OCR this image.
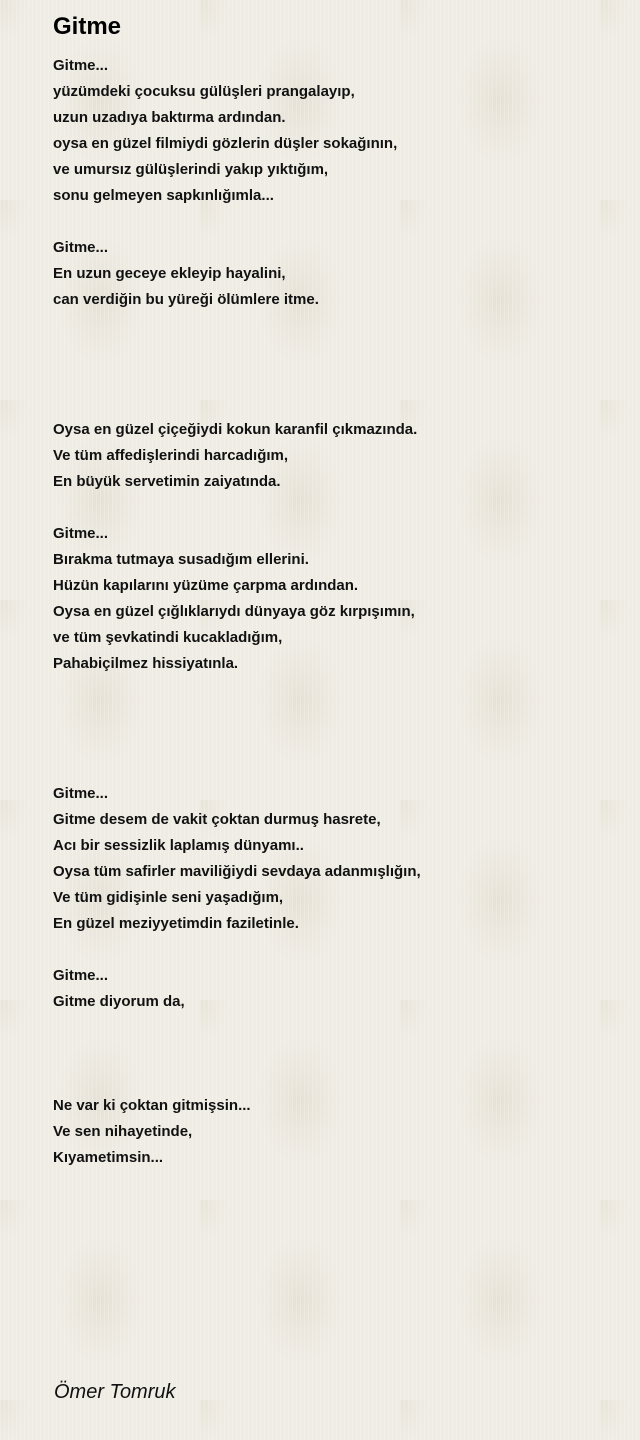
Gitme
Gitme...
yüzümdeki çocuksu gülüşleri prangalayıp,
uzun uzadıya baktırma ardından.
oysa en güzel filmiydi gözlerin düşler sokağının,
ve umursız gülüşlerindi yakıp yıktığım,
sonu gelmeyen sapkınlığımla...
Gitme...
En uzun geceye ekleyip hayalini,
can verdiğin bu yüreği ölümlere itme.
Oysa en güzel çiçeğiydi kokun karanfil çıkmazında.
Ve tüm affedişlerindi harcadığım,
En büyük servetimin zaiyatında.
Gitme...
Bırakma tutmaya susadığım ellerini.
Hüzün kapılarını yüzüme çarpma ardından.
Oysa en güzel çığlıklarıydı dünyaya göz kırpışımın,
ve tüm şevkatindi kucakladığım,
Pahabiçilmez hissiyatınla.
Gitme...
Gitme desem de vakit çoktan durmuş hasrete,
Acı bir sessizlik laplamış dünyamı..
Oysa tüm safirler maviliğiydi sevdaya adanmışlığın,
Ve tüm gidişinle seni yaşadığım,
En güzel meziyyetimdin faziletinle.
Gitme...
Gitme diyorum da,
Ne var ki çoktan gitmişsin...
Ve sen nihayetinde,
Kıyametimsin...

Ömer Tomruk
